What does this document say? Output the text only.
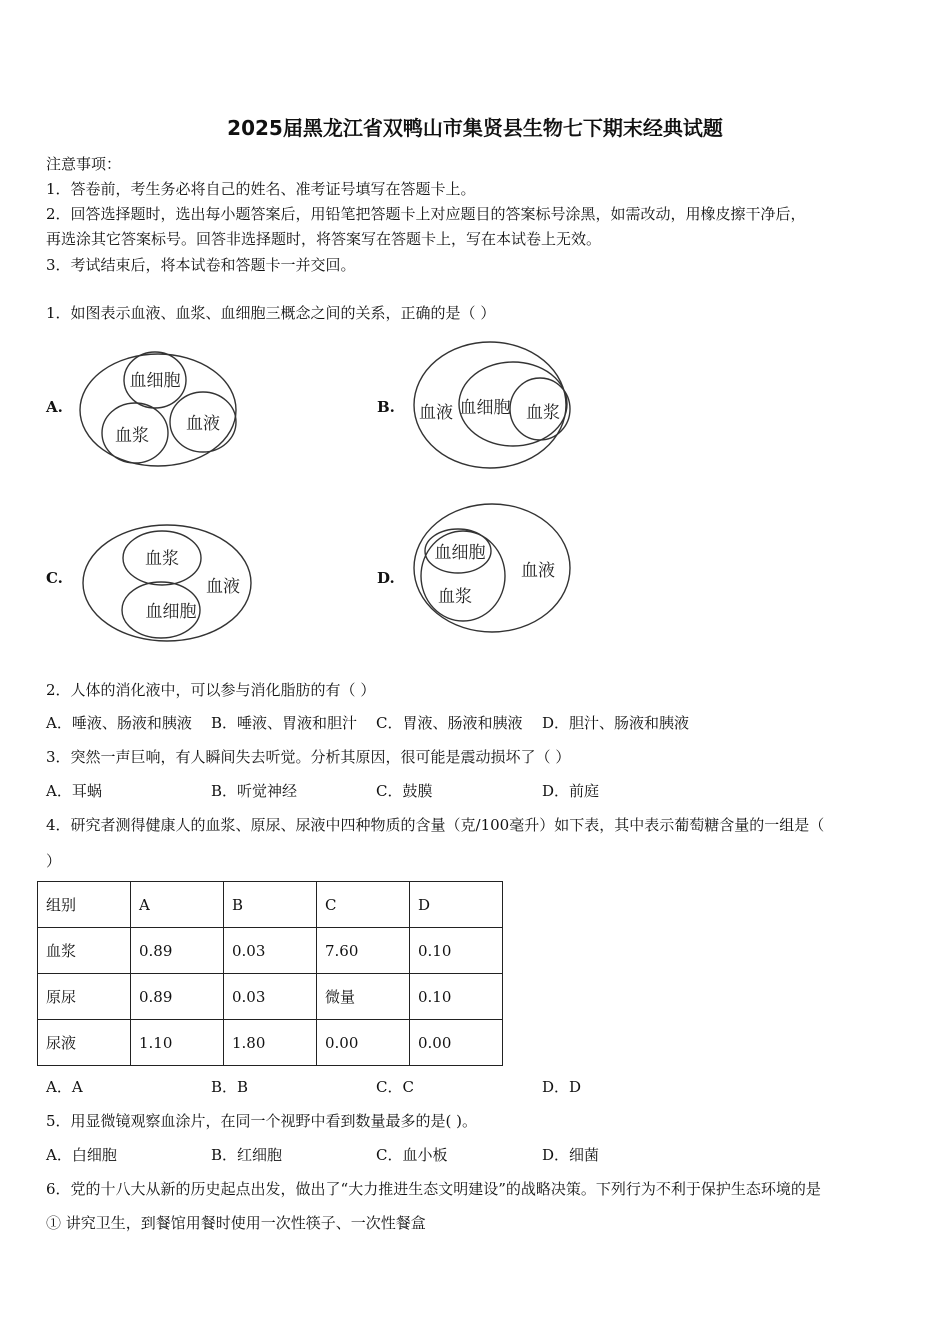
2025届黑龙江省双鸭山市集贤县生物七下期末经典试题
注意事项：
1．答卷前，考生务必将自己的姓名、准考证号填写在答题卡上。
2．回答选择题时，选出每小题答案后，用铅笔把答题卡上对应题目的答案标号涂黑，如需改动，用橡皮擦干净后，
再选涂其它答案标号。回答非选择题时，将答案写在答题卡上，写在本试卷上无效。
3．考试结束后，将本试卷和答题卡一并交回。
1．如图表示血液、血浆、血细胞三概念之间的关系，正确的是（ ）
A.
血细胞
血浆
血液
B. 血液 血细胞 血浆
C.
血浆
血细胞
血液	D.
血细胞
血浆
血液
2．人体的消化液中，可以参与消化脂肪的有（ ）
A．唾液、肠液和胰液 B．唾液、胃液和胆汁 C．胃液、肠液和胰液 D．胆汁、肠液和胰液
3．突然一声巨响，有人瞬间失去听觉。分析其原因，很可能是震动损坏了（ ）
A．耳蜗	B．听觉神经	C．鼓膜	D．前庭
4．研究者测得健康人的血浆、原尿、尿液中四种物质的含量（克/100毫升）如下表，其中表示葡萄糖含量的一组是（
）
组别	A	B	C	D
血浆	0.89	0.03	7.60	0.10
原尿	0.89	0.03	微量	0.10
尿液	1.10	1.80	0.00	0.00
A．A	B．B	C．C	D．D
5．用显微镜观察血涂片，在同一个视野中看到数量最多的是( )。
A．白细胞	B．红细胞	C．血小板	D．细菌
6．党的十八大从新的历史起点出发，做出了“大力推进生态文明建设”的战略决策。下列行为不利于保护生态环境的是
① 讲究卫生，到餐馆用餐时使用一次性筷子、一次性餐盒
